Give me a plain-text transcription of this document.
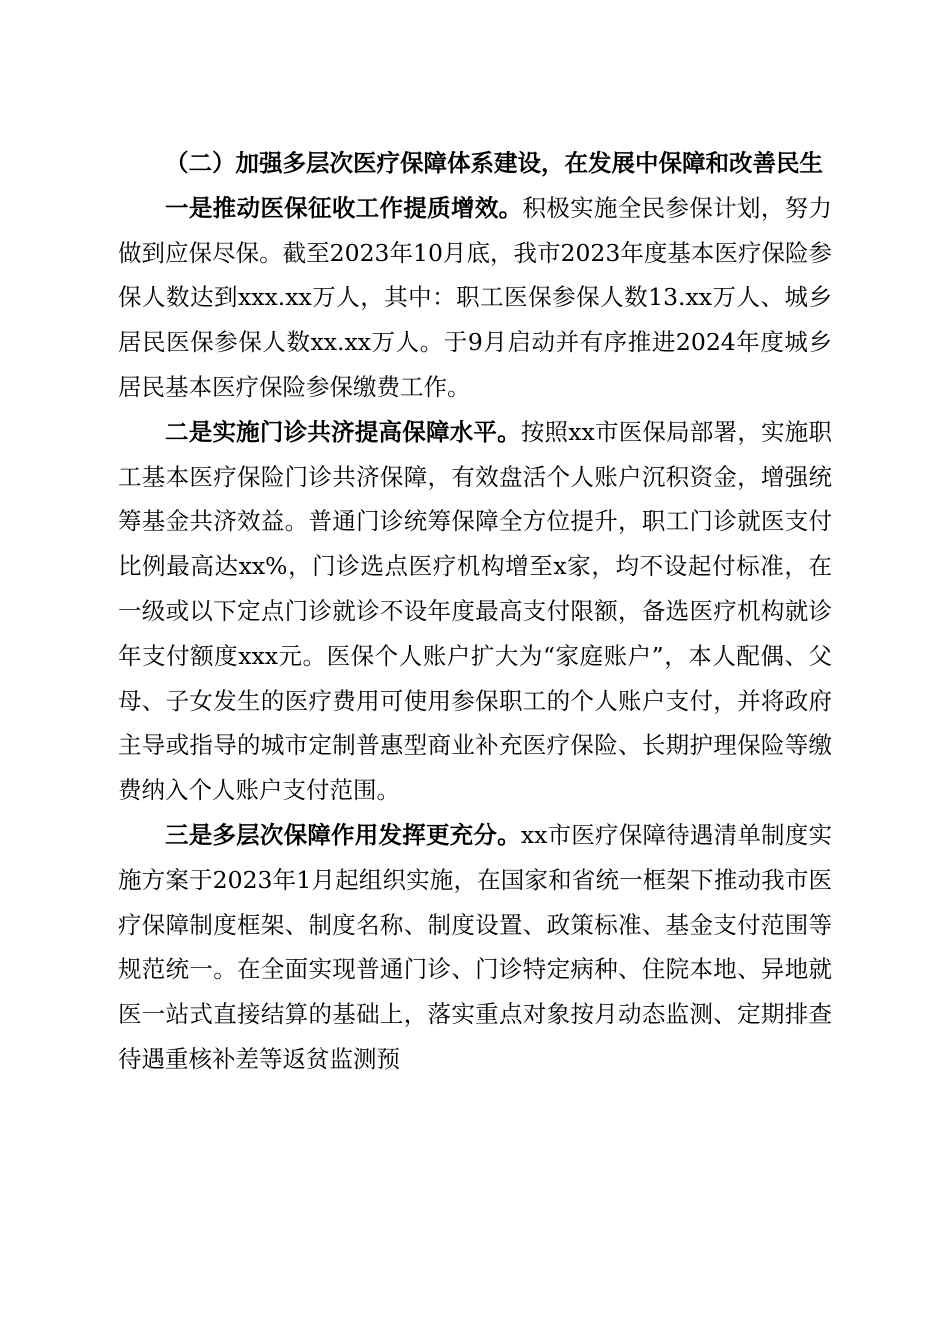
（二）加强多层次医疗保障体系建设，在发展中保障和改善民生

一是推动医保征收工作提质增效。积极实施全民参保计划，努力做到应保尽保。截至2023年10月底，我市2023年度基本医疗保险参保人数达到xxx.xx万人，其中：职工医保参保人数13.xx万人、城乡居民医保参保人数xx.xx万人。于9月启动并有序推进2024年度城乡居民基本医疗保险参保缴费工作。

二是实施门诊共济提高保障水平。按照xx市医保局部署，实施职工基本医疗保险门诊共济保障，有效盘活个人账户沉积资金，增强统筹基金共济效益。普通门诊统筹保障全方位提升，职工门诊就医支付比例最高达xx%，门诊选点医疗机构增至x家，均不设起付标准，在一级或以下定点门诊就诊不设年度最高支付限额，备选医疗机构就诊年支付额度xxx元。医保个人账户扩大为“家庭账户”，本人配偶、父母、子女发生的医疗费用可使用参保职工的个人账户支付，并将政府主导或指导的城市定制普惠型商业补充医疗保险、长期护理保险等缴费纳入个人账户支付范围。

三是多层次保障作用发挥更充分。xx市医疗保障待遇清单制度实施方案于2023年1月起组织实施，在国家和省统一框架下推动我市医疗保障制度框架、制度名称、制度设置、政策标准、基金支付范围等规范统一。在全面实现普通门诊、门诊特定病种、住院本地、异地就医一站式直接结算的基础上，落实重点对象按月动态监测、定期排查待遇重核补差等返贫监测预
